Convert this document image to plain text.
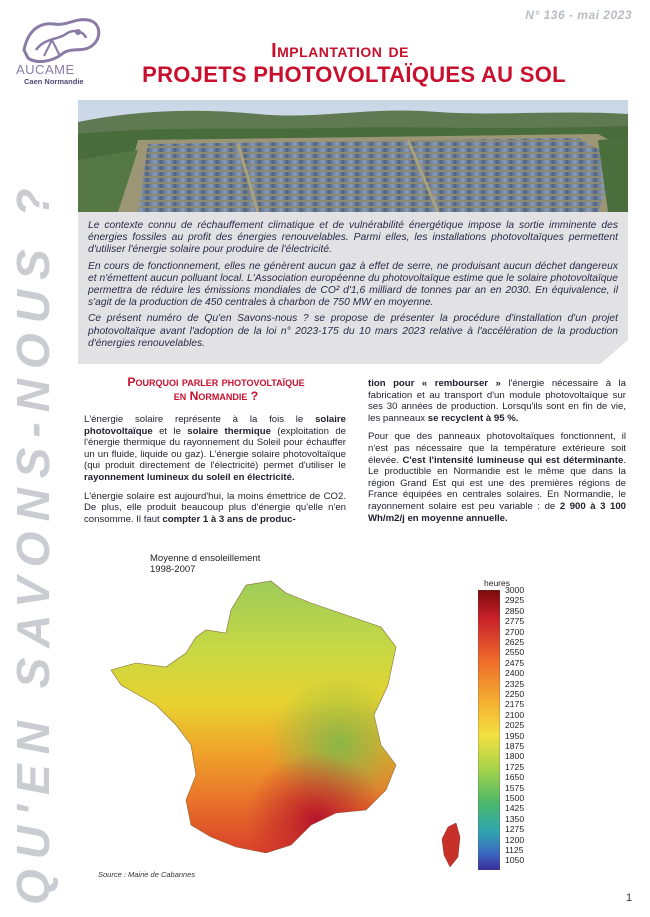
AUCAME
Caen Normandie
N° 136 - mai 2023
Implantation de
PROJETS PHOTOVOLTAÏQUES AU SOL
QU'EN SAVONS-NOUS ?	Le contexte connu de réchauffement climatique et de vulnérabilité énergétique impose la sortie imminente des énergies fossiles au profit des énergies renouvelables. Parmi elles, les installations photovoltaïques permettent d'utiliser l'énergie solaire pour produire de l'électricité.

En cours de fonctionnement, elles ne génèrent aucun gaz à effet de serre, ne produisant aucun déchet dangereux et n'émettent aucun polluant local. L'Association européenne du photovoltaïque estime que le solaire photovoltaïque permettra de réduire les émissions mondiales de CO² d'1,6 milliard de tonnes par an en 2030. En équivalence, il s'agit de la production de 450 centrales à charbon de 750 MW en moyenne.

Ce présent numéro de Qu'en Savons-nous ? se propose de présenter la procédure d'installation d'un projet photovoltaïque avant l'adoption de la loi n° 2023-175 du 10 mars 2023 relative à l'accélération de la production d'énergies renouvelables.

Pourquoi parler photovoltaïque
en Normandie ?

L'énergie solaire représente à la fois le solaire photovoltaïque et le solaire thermique (exploitation de l'énergie thermique du rayonnement du Soleil pour échauffer un un fluide, liquide ou gaz). L'énergie solaire photovoltaïque (qui produit directement de l'électricité) permet d'utiliser le rayonnement lumineux du soleil en électricité.

L'énergie solaire est aujourd'hui, la moins émettrice de CO2. De plus, elle produit beaucoup plus d'énergie qu'elle n'en consomme. Il faut compter 1 à 3 ans de produc-

tion pour « rembourser » l'énergie nécessaire à la fabrication et au transport d'un module photovoltaïque sur ses 30 années de production. Lorsqu'ils sont en fin de vie, les panneaux se recyclent à 95 %.

Pour que des panneaux photovoltaïques fonctionnent, il n'est pas nécessaire que la température extérieure soit élevée. C'est l'intensité lumineuse qui est déterminante. Le productible en Normandie est le même que dans la région Grand Est qui est une des premières régions de France équipées en centrales solaires. En Normandie, le rayonnement solaire est peu variable : de 2 900 à 3 100 Wh/m2/j en moyenne annuelle.

Moyenne d ensoleillement
1998-2007
heures
3000
2925
2850
2775
2700
2625
2550
2475
2400
2325
2250
2175
2100
2025
1950
1875
1800
1725
1650
1575
1500
1425
1350
1275
1200
1125
1050
Source : Mairie de Cabannes
1
